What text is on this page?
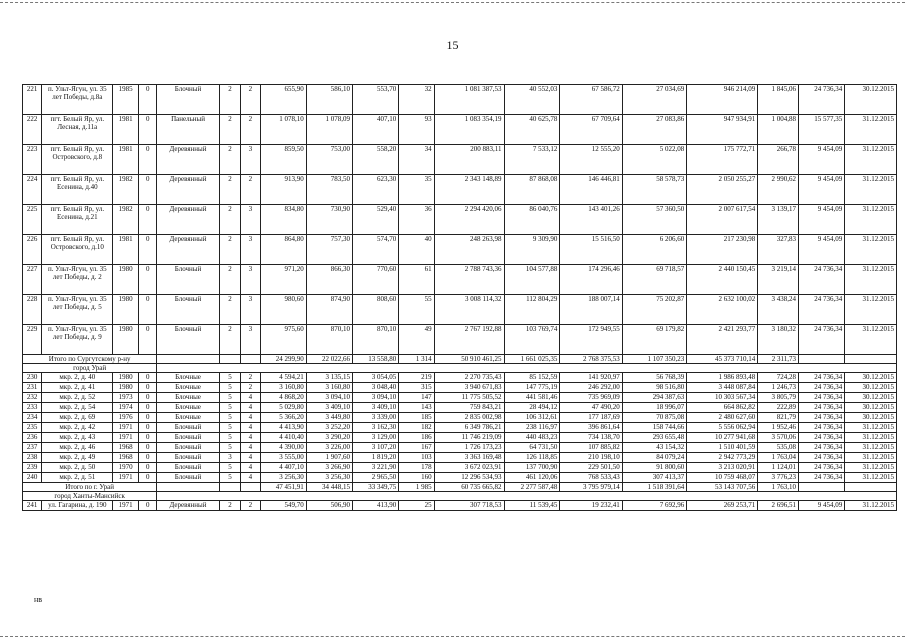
15
221	п. Ульт-Ягун, ул. 35 лет Победы, д.8а	1985	0	Блочный	2	2	655,90	586,10	553,70	32	1 081 387,53	40 552,03	67 586,72	27 034,69	946 214,09	1 845,06	24 736,34	30.12.2015
222	пгт. Белый Яр, ул. Лесная, д.11а	1981	0	Панельный	2	2	1 078,10	1 078,09	407,10	93	1 083 354,19	40 625,78	67 709,64	27 083,86	947 934,91	1 004,88	15 577,35	31.12.2015
223	пгт. Белый Яр, ул. Островского, д.8	1981	0	Деревянный	2	3	859,50	753,00	558,20	34	200 883,11	7 533,12	12 555,20	5 022,08	175 772,71	266,78	9 454,09	31.12.2015
224	пгт. Белый Яр, ул. Есенина, д.40	1982	0	Деревянный	2	2	913,90	783,50	623,30	35	2 343 148,89	87 868,08	146 446,81	58 578,73	2 050 255,27	2 990,62	9 454,09	31.12.2015
225	пгт. Белый Яр, ул. Есенина, д.21	1982	0	Деревянный	2	3	834,80	730,90	529,40	36	2 294 420,06	86 040,76	143 401,26	57 360,50	2 007 617,54	3 139,17	9 454,09	31.12.2015
226	пгт. Белый Яр, ул. Островского, д.10	1981	0	Деревянный	2	3	864,80	757,30	574,70	40	248 263,98	9 309,90	15 516,50	6 206,60	217 230,98	327,83	9 454,09	31.12.2015
227	п. Ульт-Ягун, ул. 35 лет Победы, д. 2	1980	0	Блочный	2	3	971,20	866,30	770,60	61	2 788 743,36	104 577,88	174 296,46	69 718,57	2 440 150,45	3 219,14	24 736,34	31.12.2015
228	п. Ульт-Ягун, ул. 35 лет Победы, д. 5	1980	0	Блочный	2	3	980,60	874,90	808,60	55	3 008 114,32	112 804,29	188 007,14	75 202,87	2 632 100,02	3 438,24	24 736,34	31.12.2015
229	п. Ульт-Ягун, ул. 35 лет Победы, д. 9	1980	0	Блочный	2	3	975,60	870,10	870,10	49	2 767 192,88	103 769,74	172 949,55	69 179,82	2 421 293,77	3 180,32	24 736,34	31.12.2015
Итого по Сургутскому р-ну							24 299,90	22 022,66	13 558,80	1 314	50 910 461,25	1 661 025,35	2 768 375,53	1 107 350,23	45 373 710,14	2 311,73		
город Урай																		
230	мкр. 2, д. 40	1980	0	Блочные	5	2	4 594,21	3 135,15	3 054,05	219	2 270 735,43	85 152,59	141 920,97	56 768,39	1 986 893,48	724,28	24 736,34	30.12.2015
231	мкр. 2, д. 41	1980	0	Блочные	5	2	3 160,80	3 160,80	3 048,40	315	3 940 671,83	147 775,19	246 292,00	98 516,80	3 448 087,84	1 246,73	24 736,34	30.12.2015
232	мкр. 2, д. 52	1973	0	Блочные	5	4	4 868,20	3 094,10	3 094,10	147	11 775 505,52	441 581,46	735 969,09	294 387,63	10 303 567,34	3 805,79	24 736,34	30.12.2015
233	мкр. 2, д. 54	1974	0	Блочные	5	4	5 029,80	3 409,10	3 409,10	143	759 843,21	28 494,12	47 490,20	18 996,07	664 862,82	222,89	24 736,34	30.12.2015
234	мкр. 2, д. 69	1976	0	Блочные	5	4	5 366,20	3 449,80	3 339,00	185	2 835 002,98	106 312,61	177 187,69	70 875,08	2 480 627,60	821,79	24 736,34	30.12.2015
235	мкр. 2, д. 42	1971	0	Блочный	5	4	4 413,90	3 252,20	3 162,30	182	6 349 786,21	238 116,97	396 861,64	158 744,66	5 556 062,94	1 952,46	24 736,34	31.12.2015
236	мкр. 2, д. 43	1971	0	Блочный	5	4	4 410,40	3 290,20	3 129,00	186	11 746 219,09	440 483,23	734 138,70	293 655,48	10 277 941,68	3 570,06	24 736,34	31.12.2015
237	мкр. 2, д. 46	1968	0	Блочный	5	4	4 390,00	3 226,00	3 107,20	167	1 726 173,23	64 731,50	107 885,82	43 154,32	1 510 401,59	535,08	24 736,34	31.12.2015
238	мкр. 2, д. 49	1968	0	Блочный	3	4	3 555,00	1 907,60	1 819,20	103	3 363 169,48	126 118,85	210 198,10	84 079,24	2 942 773,29	1 763,04	24 736,34	31.12.2015
239	мкр. 2, д. 50	1970	0	Блочный	5	4	4 407,10	3 266,90	3 221,90	178	3 672 023,91	137 700,90	229 501,50	91 800,60	3 213 020,91	1 124,01	24 736,34	31.12.2015
240	мкр. 2, д. 51	1971	0	Блочный	5	4	3 256,30	3 256,30	2 965,50	160	12 296 534,93	461 120,06	768 533,43	307 413,37	10 759 468,07	3 776,23	24 736,34	31.12.2015
Итого по г. Урай							47 451,91	34 448,15	33 349,75	1 985	60 735 665,82	2 277 587,48	3 795 979,14	1 518 391,64	53 143 707,56	1 763,10		
город Ханты-Мансийск																		
241	ул. Гагарина, д. 190	1971	0	Деревянный	2	2	549,70	506,90	413,90	25	307 718,53	11 539,45	19 232,41	7 692,96	269 253,71	2 696,51	9 454,09	31.12.2015
нв
